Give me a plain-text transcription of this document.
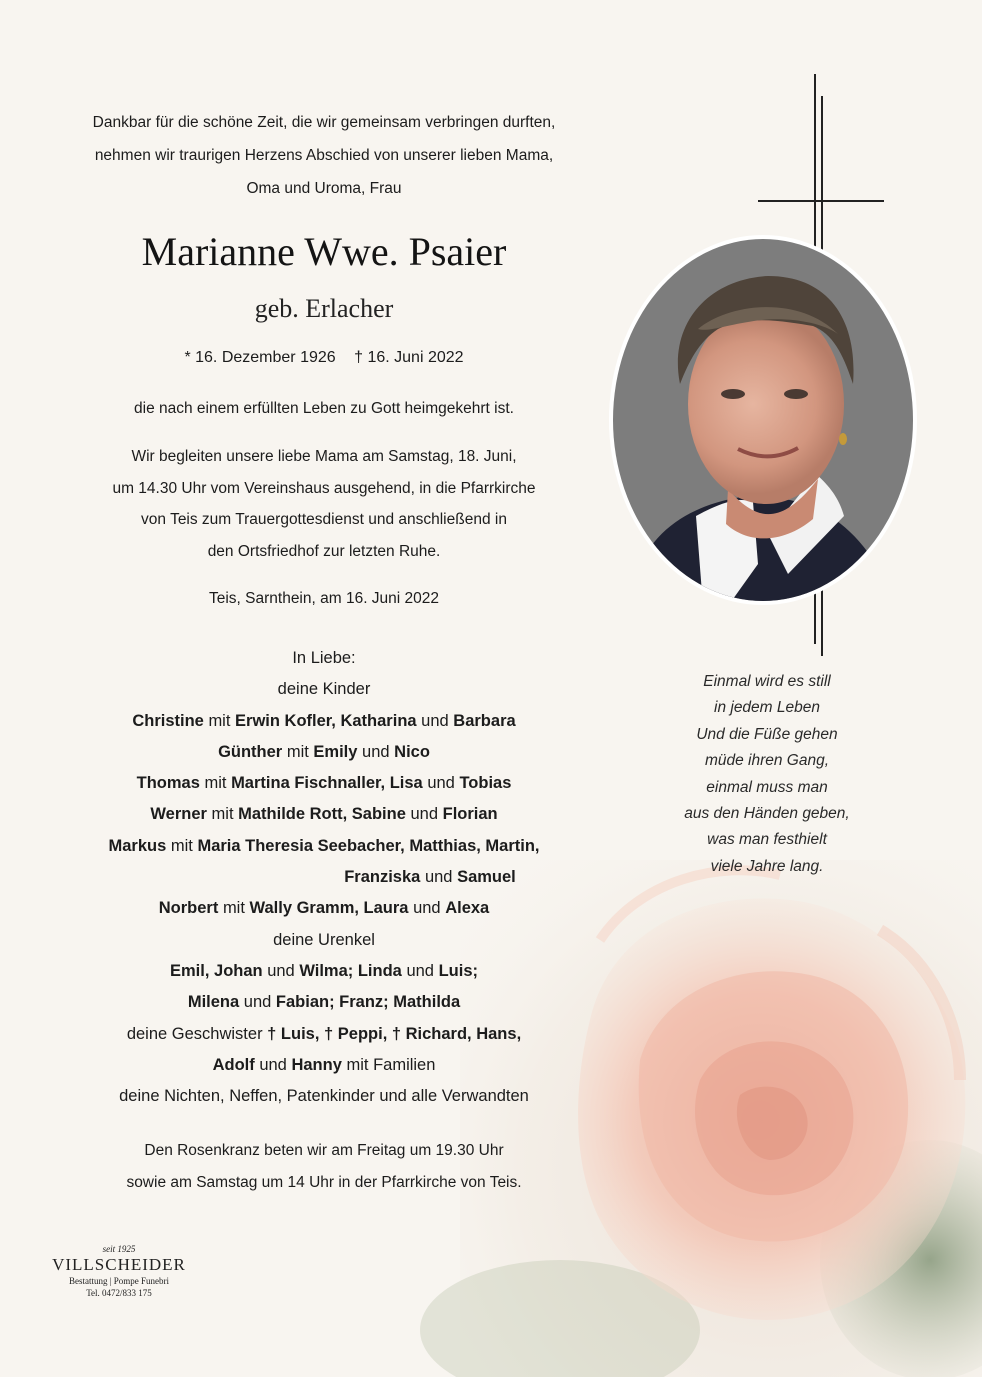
Dankbar für die schöne Zeit, die wir gemeinsam verbringen durften,
nehmen wir traurigen Herzens Abschied von unserer lieben Mama,
Oma und Uroma, Frau
Marianne Wwe. Psaier
geb. Erlacher
* 16. Dezember 1926 † 16. Juni 2022
die nach einem erfüllten Leben zu Gott heimgekehrt ist.
Wir begleiten unsere liebe Mama am Samstag, 18. Juni,
um 14.30 Uhr vom Vereinshaus ausgehend, in die Pfarrkirche
von Teis zum Trauergottesdienst und anschließend in
den Ortsfriedhof zur letzten Ruhe.
Teis, Sarnthein, am 16. Juni 2022
In Liebe:
deine Kinder
Christine mit Erwin Kofler, Katharina und Barbara
Günther mit Emily und Nico
Thomas mit Martina Fischnaller, Lisa und Tobias
Werner mit Mathilde Rott, Sabine und Florian
Markus mit Maria Theresia Seebacher, Matthias, Martin,
Franziska und Samuel
Norbert mit Wally Gramm, Laura und Alexa
deine Urenkel
Emil, Johan und Wilma; Linda und Luis;
Milena und Fabian; Franz; Mathilda
deine Geschwister † Luis, † Peppi, † Richard, Hans,
Adolf und Hanny mit Familien
deine Nichten, Neffen, Patenkinder und alle Verwandten
Den Rosenkranz beten wir am Freitag um 19.30 Uhr
sowie am Samstag um 14 Uhr in der Pfarrkirche von Teis.
Einmal wird es still
in jedem Leben
Und die Füße gehen
müde ihren Gang,
einmal muss man
aus den Händen geben,
was man festhielt
viele Jahre lang.
seit 1925
VILLSCHEIDER
Bestattung | Pompe Funebri
Tel. 0472/833 175
